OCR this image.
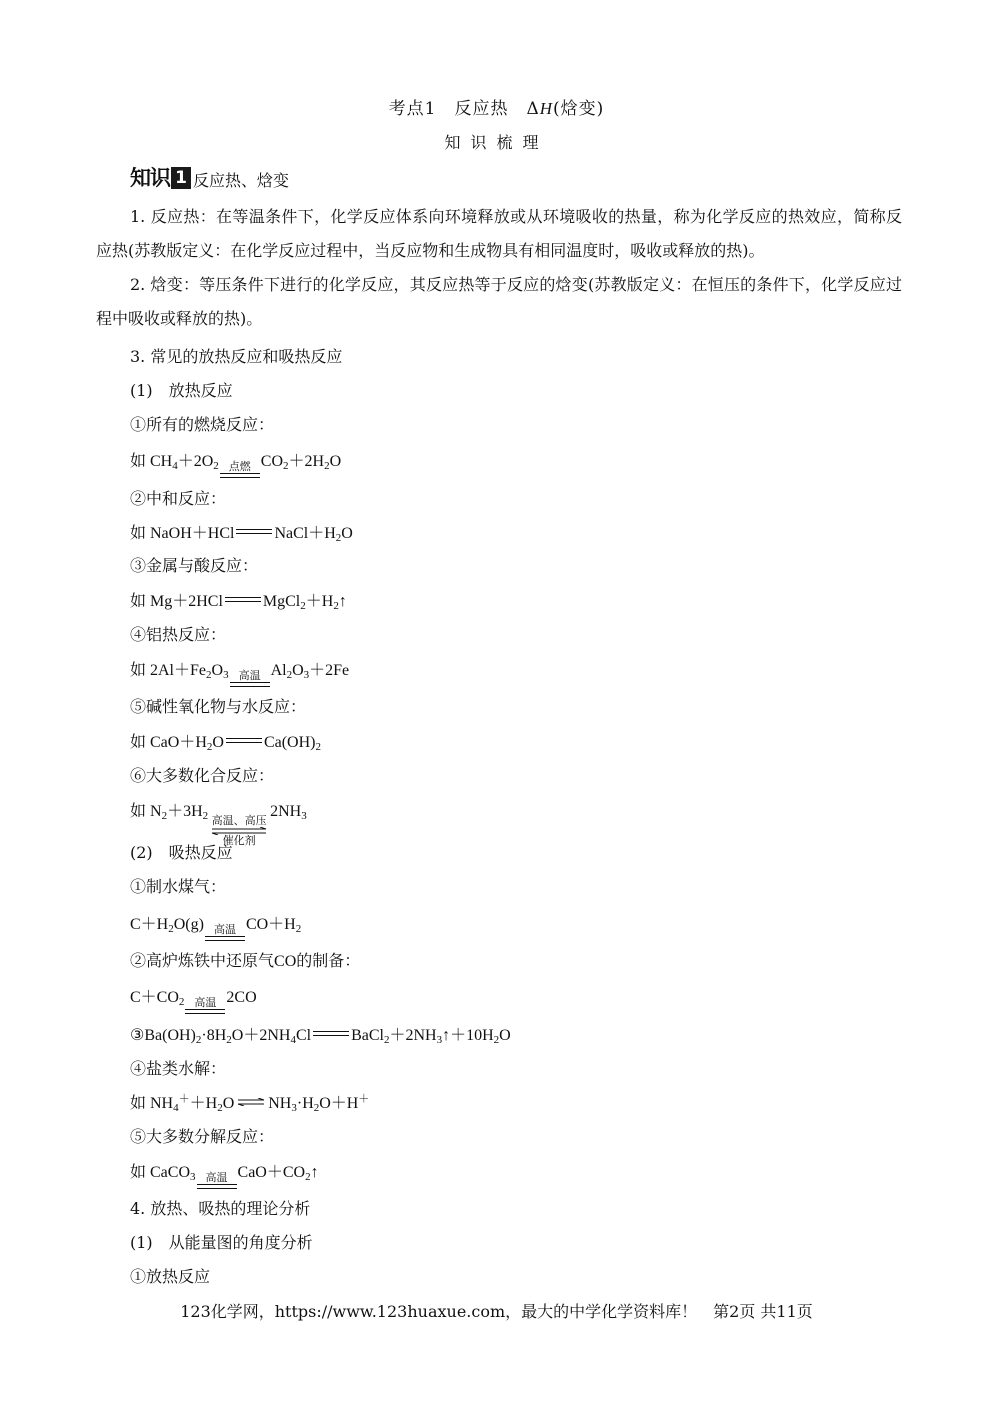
考点1　反应热　ΔH(焓变)
知识梳理
知识 1 反应热、焓变
1. 反应热：在等温条件下，化学反应体系向环境释放或从环境吸收的热量，称为化学反应的热效应，简称反应热(苏教版定义：在化学反应过程中，当反应物和生成物具有相同温度时，吸收或释放的热)。
2. 焓变：等压条件下进行的化学反应，其反应热等于反应的焓变(苏教版定义：在恒压的条件下，化学反应过程中吸收或释放的热)。
3. 常见的放热反应和吸热反应
(1)　放热反应
①所有的燃烧反应：
如 $CH_4+2O_2$ 点燃 $CO_2+2H_2O$
②中和反应：
如 NaOH＋HCl	$NaCl+H_2O$
③金属与酸反应：
如 Mg＋2HCl	$MgCl_2+H_2↑$
④铝热反应：
如 $2Al+Fe_2O_3$ 高温 $Al_2O_3+2Fe$
⑤碱性氧化物与水反应：
如 $CaO+H_2O$	$Ca(OH)_2$
⑥大多数化合反应：
如 $N_2+3H_2$ 高温、高压
催化剂
$2NH_3$
(2)　吸热反应
①制水煤气：
$C+H_2O(g)$ 高温 $CO+H_2$
②高炉炼铁中还原气CO的制备：
$C+CO_2$ 高温 2CO
$③Ba(OH)_2\cdot 8H_2O+2NH_4Cl$	$BaCl_2+2NH_3↑+10H_2O$
④盐类水解：
如 $NH_4^++H_2O$ ⇌ $NH_3\cdot H_2O+H^+$
⑤大多数分解反应：
如 CaCO$_3$ 高温 $CaO+CO_2↑$
4. 放热、吸热的理论分析
(1)　从能量图的角度分析
①放热反应
123化学网，https://www.123huaxue.com，最大的中学化学资料库！　第2页 共11页
